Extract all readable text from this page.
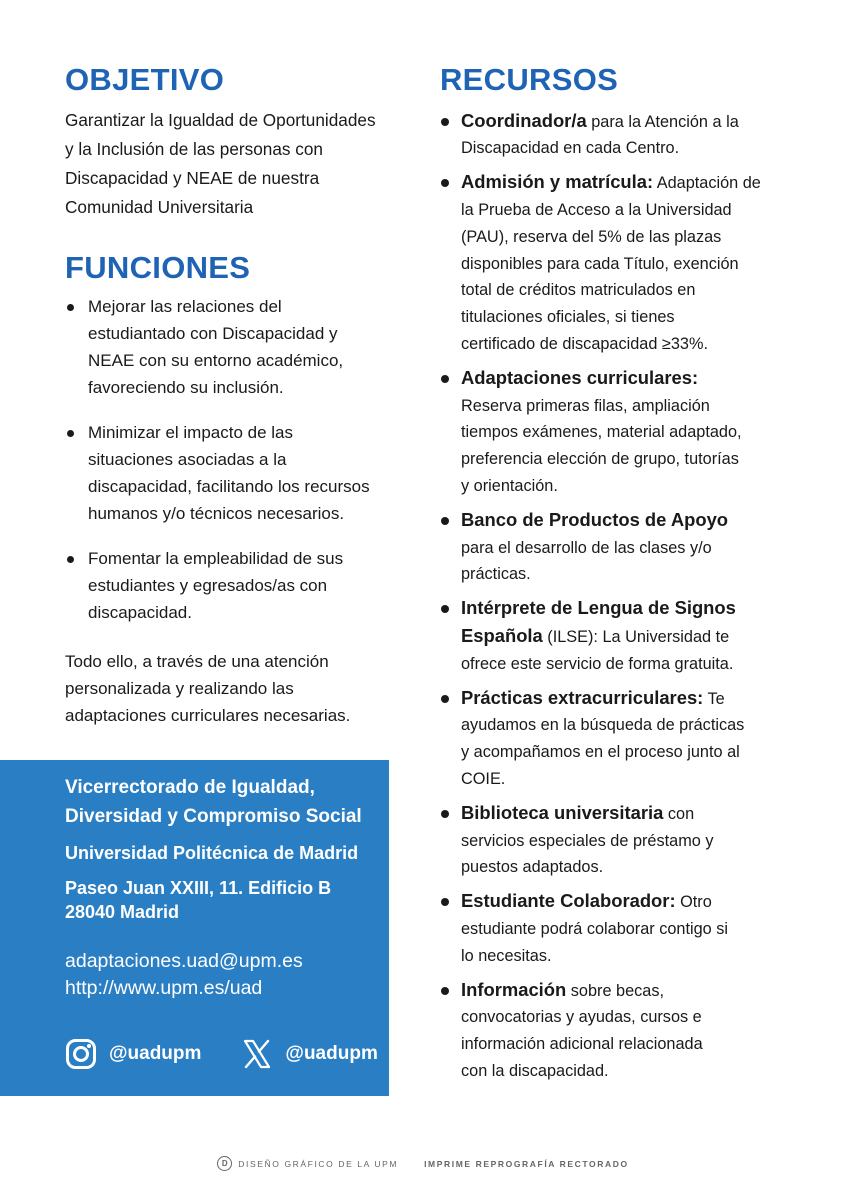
OBJETIVO

Garantizar la Igualdad de Oportunidades
y la Inclusión de las personas con
Discapacidad y NEAE de nuestra
Comunidad Universitaria

FUNCIONES
Mejorar las relaciones del
estudiantado con Discapacidad y
NEAE con su entorno académico,
favoreciendo su inclusión.
Minimizar el impacto de las
situaciones asociadas a la
discapacidad, facilitando los recursos
humanos y/o técnicos necesarios.
Fomentar la empleabilidad de sus
estudiantes y egresados/as con
discapacidad.

Todo ello, a través de una atención
personalizada y realizando las
adaptaciones curriculares necesarias.

RECURSOS
Coordinador/a para la Atención a la
Discapacidad en cada Centro.
Admisión y matrícula: Adaptación de
la Prueba de Acceso a la Universidad
(PAU), reserva del 5% de las plazas
disponibles para cada Título, exención
total de créditos matriculados en
titulaciones oficiales, si tienes
certificado de discapacidad ≥33%.
Adaptaciones curriculares:
Reserva primeras filas, ampliación
tiempos exámenes, material adaptado,
preferencia elección de grupo, tutorías
y orientación.
Banco de Productos de Apoyo
para el desarrollo de las clases y/o
prácticas.
Intérprete de Lengua de Signos
Española (ILSE): La Universidad te
ofrece este servicio de forma gratuita.
Prácticas extracurriculares: Te
ayudamos en la búsqueda de prácticas
y acompañamos en el proceso junto al
COIE.
Biblioteca universitaria con
servicios especiales de préstamo y
puestos adaptados.
Estudiante Colaborador: Otro
estudiante podrá colaborar contigo si
lo necesitas.
Información sobre becas,
convocatorias y ayudas, cursos e
información adicional relacionada
con la discapacidad.
Vicerrectorado de Igualdad,
Diversidad y Compromiso Social
Universidad Politécnica de Madrid
Paseo Juan XXIII, 11. Edificio B
28040 Madrid
adaptaciones.uad@upm.es
http://www.upm.es/uad
@uadupm	@uadupm
D	DISEÑO GRÁFICO DE LA UPM	IMPRIME REPROGRAFÍA RECTORADO
